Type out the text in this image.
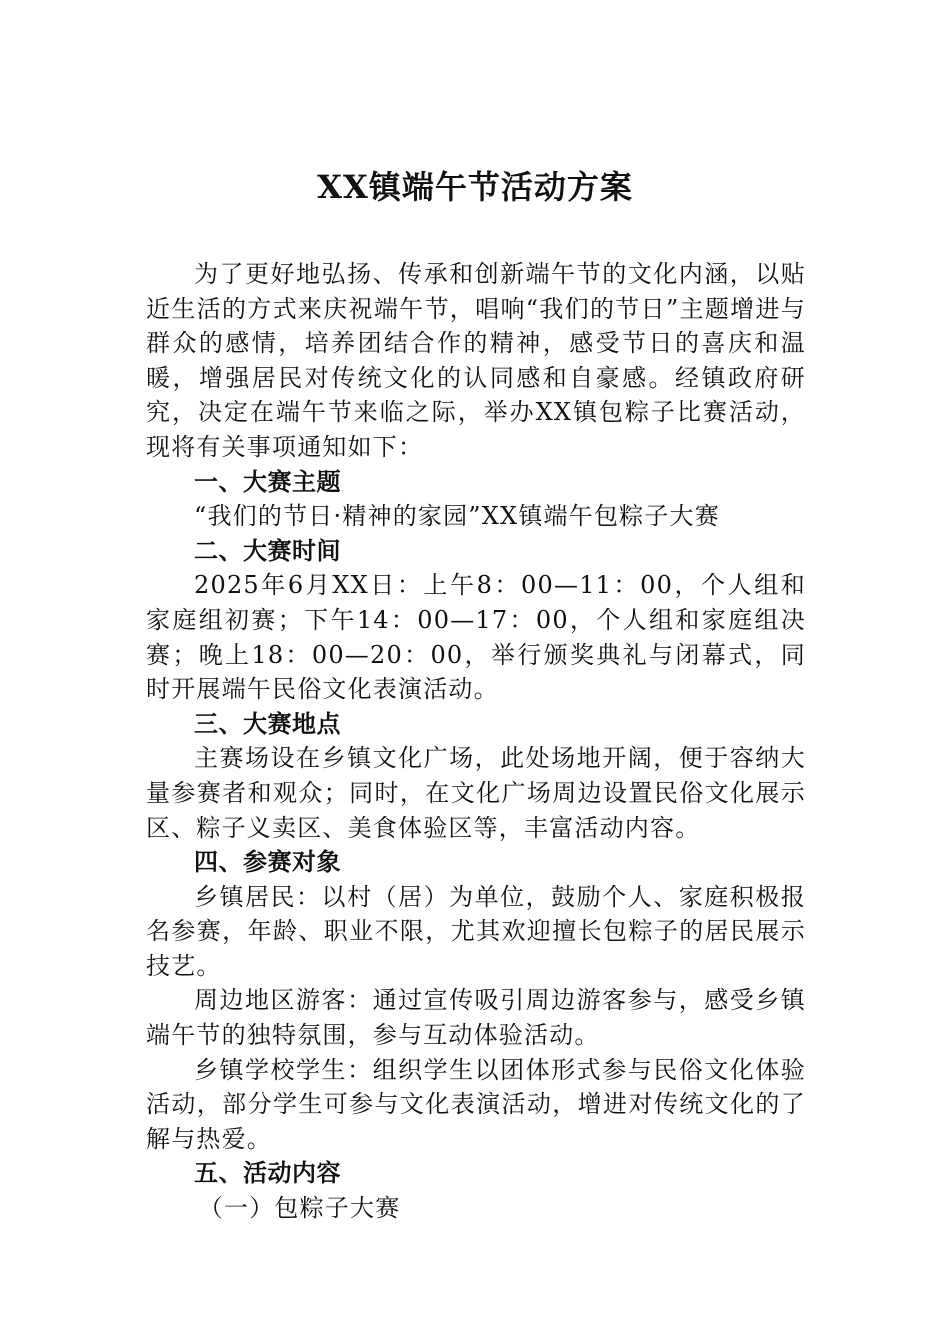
XX镇端午节活动方案

为了更好地弘扬、传承和创新端午节的文化内涵，以贴近生活的方式来庆祝端午节，唱响“我们的节日”主题增进与群众的感情，培养团结合作的精神，感受节日的喜庆和温暖，增强居民对传统文化的认同感和自豪感。经镇政府研究，决定在端午节来临之际，举办XX镇包粽子比赛活动，现将有关事项通知如下：

一、大赛主题

“我们的节日·精神的家园”XX镇端午包粽子大赛

二、大赛时间

2025年6月XX日：上午8：00—11：00，个人组和家庭组初赛；下午14：00—17：00，个人组和家庭组决赛；晚上18：00—20：00，举行颁奖典礼与闭幕式，同时开展端午民俗文化表演活动。

三、大赛地点

主赛场设在乡镇文化广场，此处场地开阔，便于容纳大量参赛者和观众；同时，在文化广场周边设置民俗文化展示区、粽子义卖区、美食体验区等，丰富活动内容。

四、参赛对象

乡镇居民：以村（居）为单位，鼓励个人、家庭积极报名参赛，年龄、职业不限，尤其欢迎擅长包粽子的居民展示技艺。

周边地区游客：通过宣传吸引周边游客参与，感受乡镇端午节的独特氛围，参与互动体验活动。

乡镇学校学生：组织学生以团体形式参与民俗文化体验活动，部分学生可参与文化表演活动，增进对传统文化的了解与热爱。

五、活动内容

（一）包粽子大赛
